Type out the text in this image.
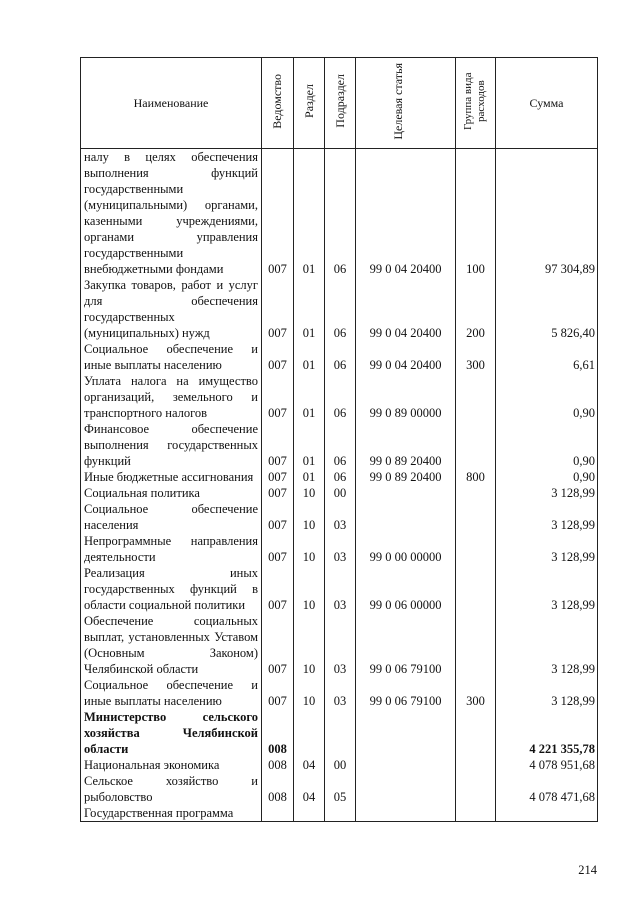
Наименование	Ведомство	Раздел	Подраздел	Целевая статья	Группа вида расходов	Сумма
налу в целях обеспечения выполнения функций государственными (муниципальными) органами, казенными учреждениями, органами управления государственными внебюджетными фондами	007	01	06	99 0 04 20400	100	97 304,89
Закупка товаров, работ и услуг для обеспечения государственных (муниципальных) нужд	007	01	06	99 0 04 20400	200	5 826,40
Социальное обеспечение и иные выплаты населению	007	01	06	99 0 04 20400	300	6,61
Уплата налога на имущество организаций, земельного и транспортного налогов	007	01	06	99 0 89 00000		0,90
Финансовое обеспечение выполнения государственных функций	007	01	06	99 0 89 20400		0,90
Иные бюджетные ассигнования	007	01	06	99 0 89 20400	800	0,90
Социальная политика	007	10	00			3 128,99
Социальное обеспечение населения	007	10	03			3 128,99
Непрограммные направления деятельности	007	10	03	99 0 00 00000		3 128,99
Реализация иных государственных функций в области социальной политики	007	10	03	99 0 06 00000		3 128,99
Обеспечение социальных выплат, установленных Уставом (Основным Законом) Челябинской области	007	10	03	99 0 06 79100		3 128,99
Социальное обеспечение и иные выплаты населению	007	10	03	99 0 06 79100	300	3 128,99
Министерство сельского хозяйства Челябинской области	008					4 221 355,78
Национальная экономика	008	04	00			4 078 951,68
Сельское хозяйство и рыболовство	008	04	05			4 078 471,68
Государственная программа						
214
